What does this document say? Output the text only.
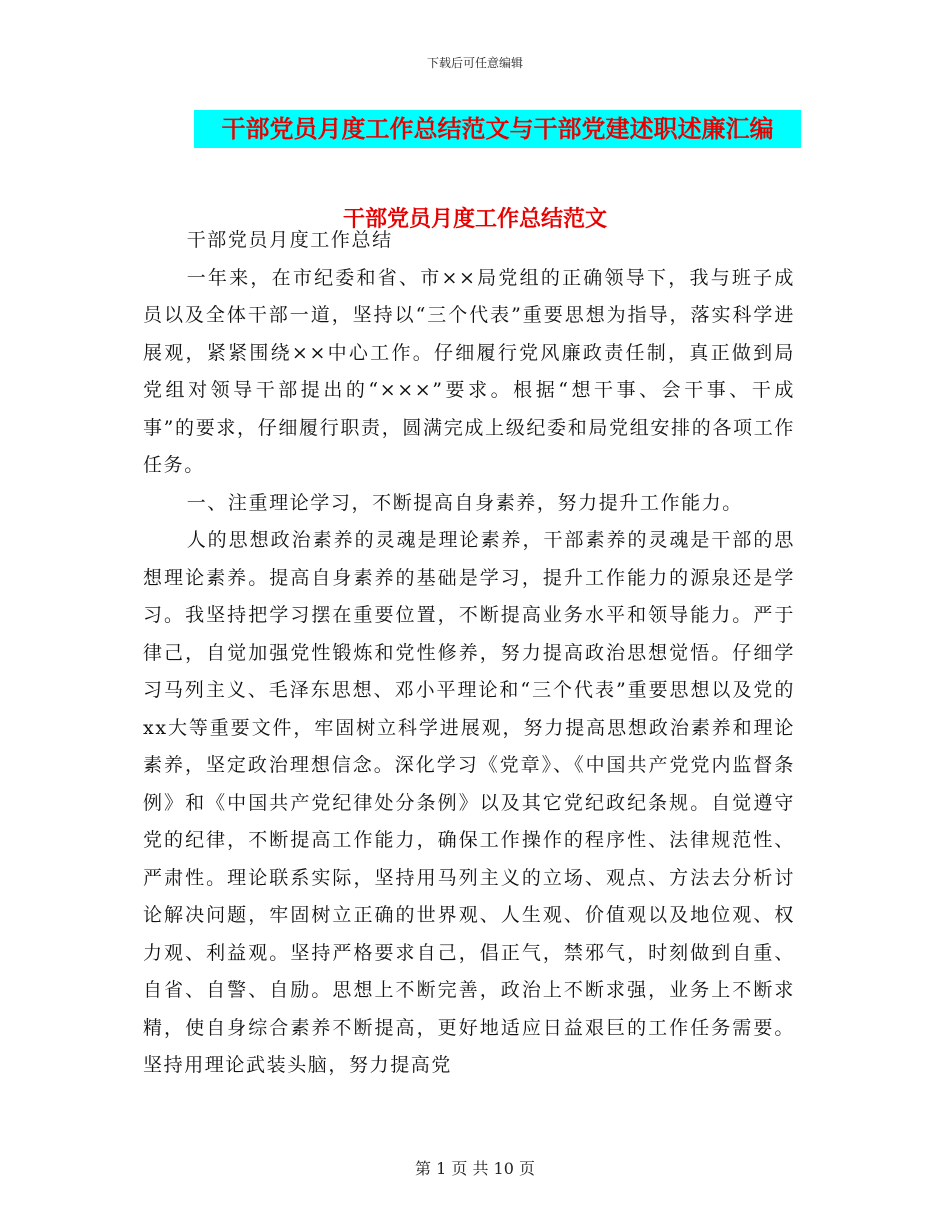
下载后可任意编辑
干部党员月度工作总结范文与干部党建述职述廉汇编
干部党员月度工作总结范文

干部党员月度工作总结

一年来，在市纪委和省、市××局党组的正确领导下，我与班子成员以及全体干部一道，坚持以“三个代表”重要思想为指导，落实科学进展观，紧紧围绕××中心工作。仔细履行党风廉政责任制，真正做到局党组对领导干部提出的“×××”要求。根据“想干事、会干事、干成事”的要求，仔细履行职责，圆满完成上级纪委和局党组安排的各项工作任务。

一、注重理论学习，不断提高自身素养，努力提升工作能力。

人的思想政治素养的灵魂是理论素养，干部素养的灵魂是干部的思想理论素养。提高自身素养的基础是学习，提升工作能力的源泉还是学习。我坚持把学习摆在重要位置，不断提高业务水平和领导能力。严于律己，自觉加强党性锻炼和党性修养，努力提高政治思想觉悟。仔细学习马列主义、毛泽东思想、邓小平理论和“三个代表”重要思想以及党的xx大等重要文件，牢固树立科学进展观，努力提高思想政治素养和理论素养，坚定政治理想信念。深化学习《党章》、《中国共产党党内监督条例》和《中国共产党纪律处分条例》以及其它党纪政纪条规。自觉遵守党的纪律，不断提高工作能力，确保工作操作的程序性、法律规范性、严肃性。理论联系实际，坚持用马列主义的立场、观点、方法去分析讨论解决问题，牢固树立正确的世界观、人生观、价值观以及地位观、权力观、利益观。坚持严格要求自己，倡正气，禁邪气，时刻做到自重、自省、自警、自励。思想上不断完善，政治上不断求强，业务上不断求精，使自身综合素养不断提高，更好地适应日益艰巨的工作任务需要。坚持用理论武装头脑，努力提高党

第 1 页 共 10 页
